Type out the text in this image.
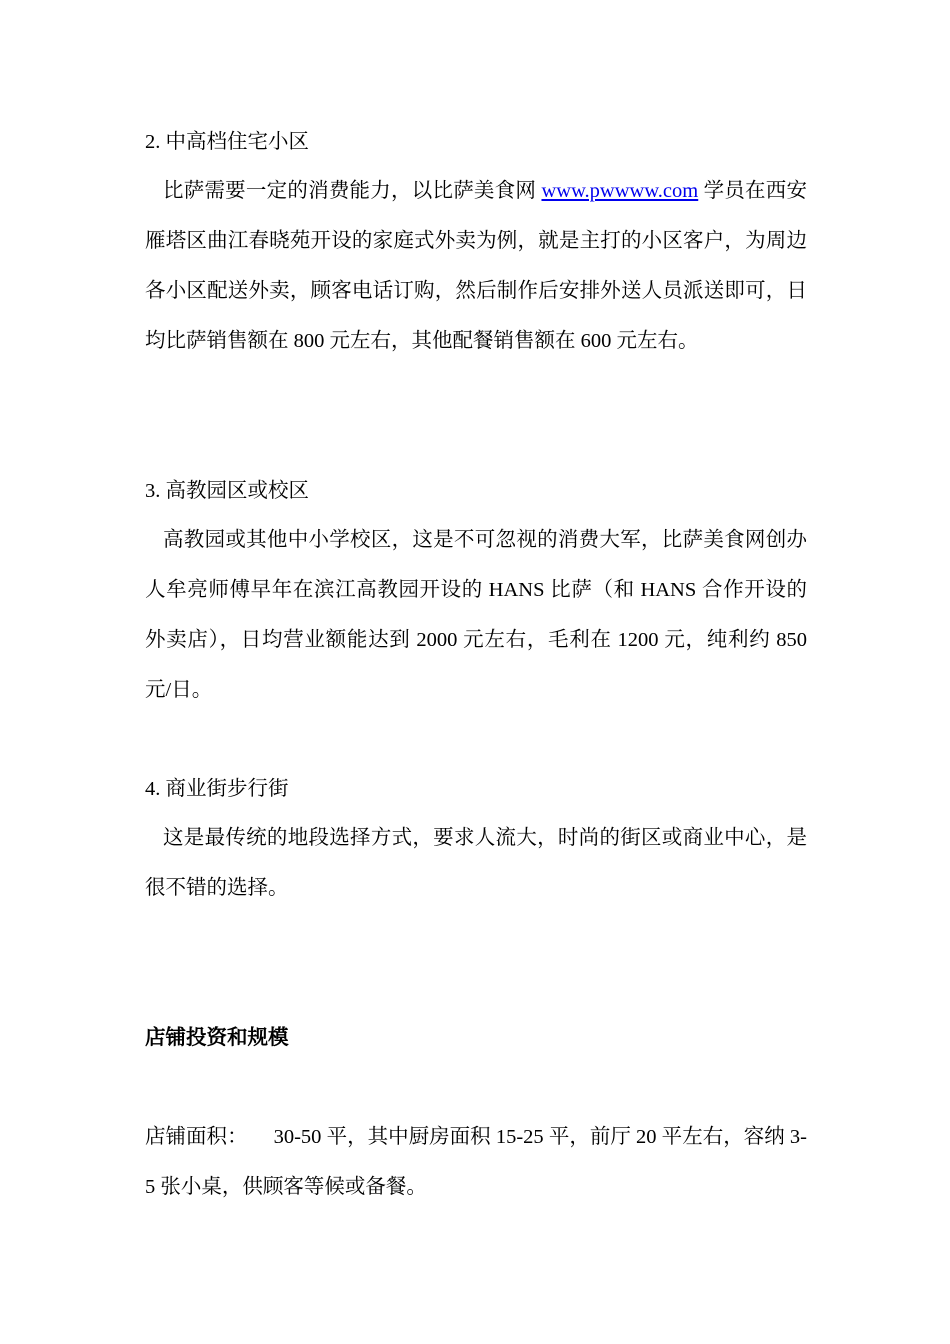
2. 中高档住宅小区

比萨需要一定的消费能力，以比萨美食网 www.pwwww.com 学员在西安雁塔区曲江春晓苑开设的家庭式外卖为例，就是主打的小区客户，为周边各小区配送外卖，顾客电话订购，然后制作后安排外送人员派送即可，日均比萨销售额在 800 元左右，其他配餐销售额在 600 元左右。

3. 高教园区或校区

高教园或其他中小学校区，这是不可忽视的消费大军，比萨美食网创办人牟亮师傅早年在滨江高教园开设的 HANS 比萨（和 HANS 合作开设的外卖店），日均营业额能达到 2000 元左右，毛利在 1200 元，纯利约 850 元/日。

4. 商业街步行街

这是最传统的地段选择方式，要求人流大，时尚的街区或商业中心，是很不错的选择。

店铺投资和规模

店铺面积： 30-50 平，其中厨房面积 15-25 平，前厅 20 平左右，容纳 3-5 张小桌，供顾客等候或备餐。
